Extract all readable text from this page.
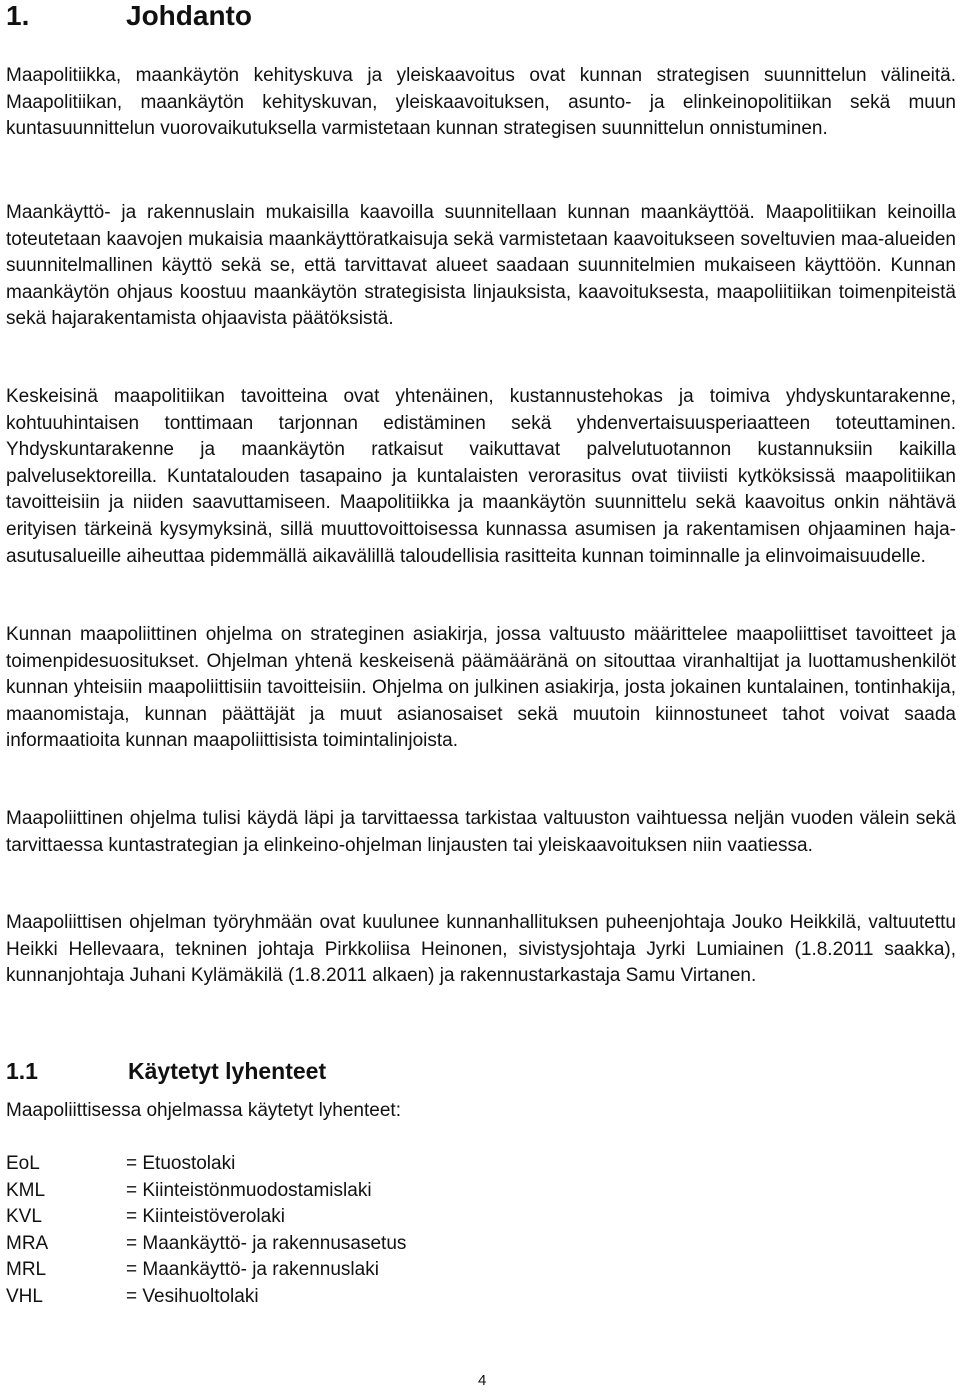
1.	Johdanto
Maapolitiikka, maankäytön kehityskuva ja yleiskaavoitus ovat kunnan strategisen suunnittelun välineitä. Maapolitiikan, maankäytön kehityskuvan, yleiskaavoituksen, asunto- ja elinkeinopolitiikan sekä muun kuntasuunnittelun vuorovaikutuksella varmistetaan kunnan strategisen suunnittelun onnistuminen.
Maankäyttö- ja rakennuslain mukaisilla kaavoilla suunnitellaan kunnan maankäyttöä. Maapolitiikan keinoilla toteutetaan kaavojen mukaisia maankäyttöratkaisuja sekä varmistetaan kaavoitukseen soveltuvien maa-alueiden suunnitelmallinen käyttö sekä se, että tarvittavat alueet saadaan suunnitelmien mukaiseen käyttöön. Kunnan maankäytön ohjaus koostuu maankäytön strategisista linjauksista, kaavoituksesta, maapoliitiikan toimenpiteistä sekä hajarakentamista ohjaavista päätöksistä.
Keskeisinä maapolitiikan tavoitteina ovat yhtenäinen, kustannustehokas ja toimiva yhdyskuntarakenne, kohtuuhintaisen tonttimaan tarjonnan edistäminen sekä yhdenvertaisuusperiaatteen toteuttaminen. Yhdyskuntarakenne ja maankäytön ratkaisut vaikuttavat palvelutuotannon kustannuksiin kaikilla palvelusektoreilla. Kuntatalouden tasapaino ja kuntalaisten verorasitus ovat tiiviisti kytköksissä maapolitiikan tavoitteisiin ja niiden saavuttamiseen. Maapolitiikka ja maankäytön suunnittelu sekä kaavoitus onkin nähtävä erityisen tärkeinä kysymyksinä, sillä muuttovoittoisessa kunnassa asumisen ja rakentamisen ohjaaminen haja-asutusalueille aiheuttaa pidemmällä aikavälillä taloudellisia rasitteita kunnan toiminnalle ja elinvoimaisuudelle.
Kunnan maapoliittinen ohjelma on strateginen asiakirja, jossa valtuusto määrittelee maapoliittiset tavoitteet ja toimenpidesuositukset. Ohjelman yhtenä keskeisenä päämääränä on sitouttaa viranhaltijat ja luottamushenkilöt kunnan yhteisiin maapoliittisiin tavoitteisiin. Ohjelma on julkinen asiakirja, josta jokainen kuntalainen, tontinhakija, maanomistaja, kunnan päättäjät ja muut asianosaiset sekä muutoin kiinnostuneet tahot voivat saada informaatioita kunnan maapoliittisista toimintalinjoista.
Maapoliittinen ohjelma tulisi käydä läpi ja tarvittaessa tarkistaa valtuuston vaihtuessa neljän vuoden välein sekä tarvittaessa kuntastrategian ja elinkeino-ohjelman linjausten tai yleiskaavoituksen niin vaatiessa.
Maapoliittisen ohjelman työryhmään ovat kuulunee kunnanhallituksen puheenjohtaja Jouko Heikkilä, valtuutettu Heikki Hellevaara, tekninen johtaja Pirkkoliisa Heinonen, sivistysjohtaja Jyrki Lumiainen (1.8.2011 saakka), kunnanjohtaja Juhani Kylämäkilä (1.8.2011 alkaen) ja rakennustarkastaja Samu Virtanen.
1.1	Käytetyt lyhenteet
Maapoliittisessa ohjelmassa käytetyt lyhenteet:
EoL	= Etuostolaki
KML	= Kiinteistönmuodostamislaki
KVL	= Kiinteistöverolaki
MRA	= Maankäyttö- ja rakennusasetus
MRL	= Maankäyttö- ja rakennuslaki
VHL	= Vesihuoltolaki
4
